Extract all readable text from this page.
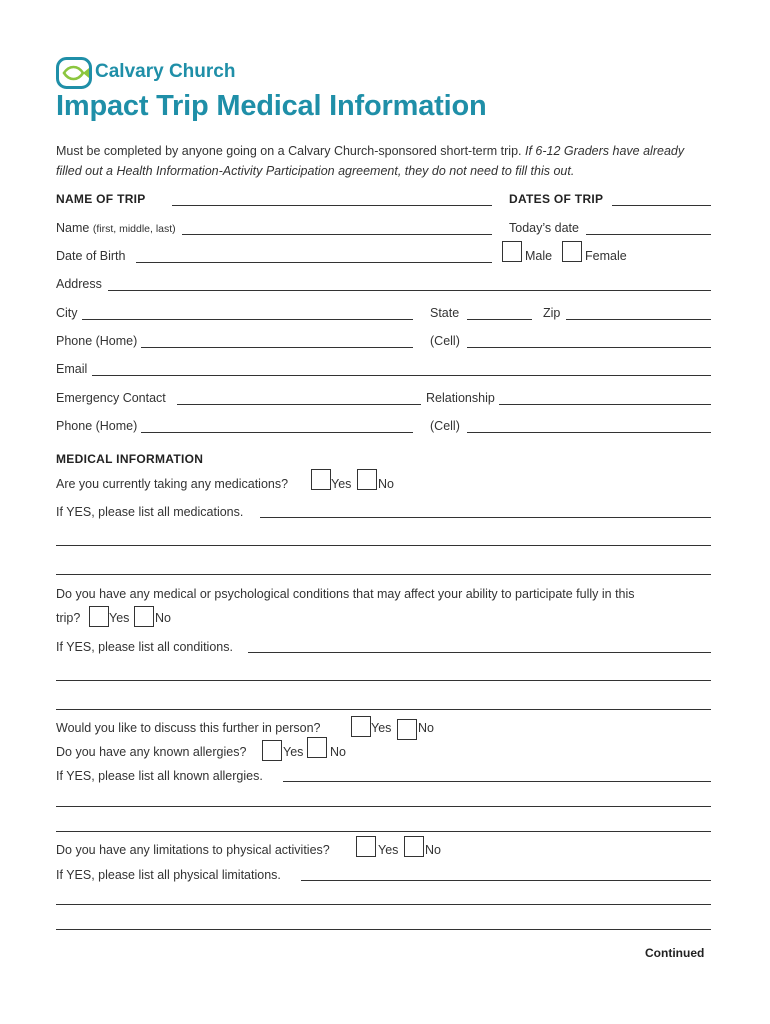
Calvary Church
Impact Trip Medical Information
Must be completed by anyone going on a Calvary Church-sponsored short-term trip. If 6-12 Graders have already filled out a Health Information-Activity Participation agreement, they do not need to fill this out.
NAME OF TRIP	DATES OF TRIP
Name (first, middle, last)	Today’s date
Date of Birth	Male	Female
Address
City	State	Zip
Phone (Home)	(Cell)
Email
Emergency Contact	Relationship
Phone (Home)	(Cell)
MEDICAL INFORMATION
Are you currently taking any medications?	Yes No
If YES, please list all medications.
Do you have any medical or psychological conditions that may affect your ability to participate fully in this
trip? Yes No
If YES, please list all conditions.
Would you like to discuss this further in person?	Yes No
Do you have any known allergies?	Yes No
If YES, please list all known allergies.
Do you have any limitations to physical activities?	Yes No
If YES, please list all physical limitations.
Continued
